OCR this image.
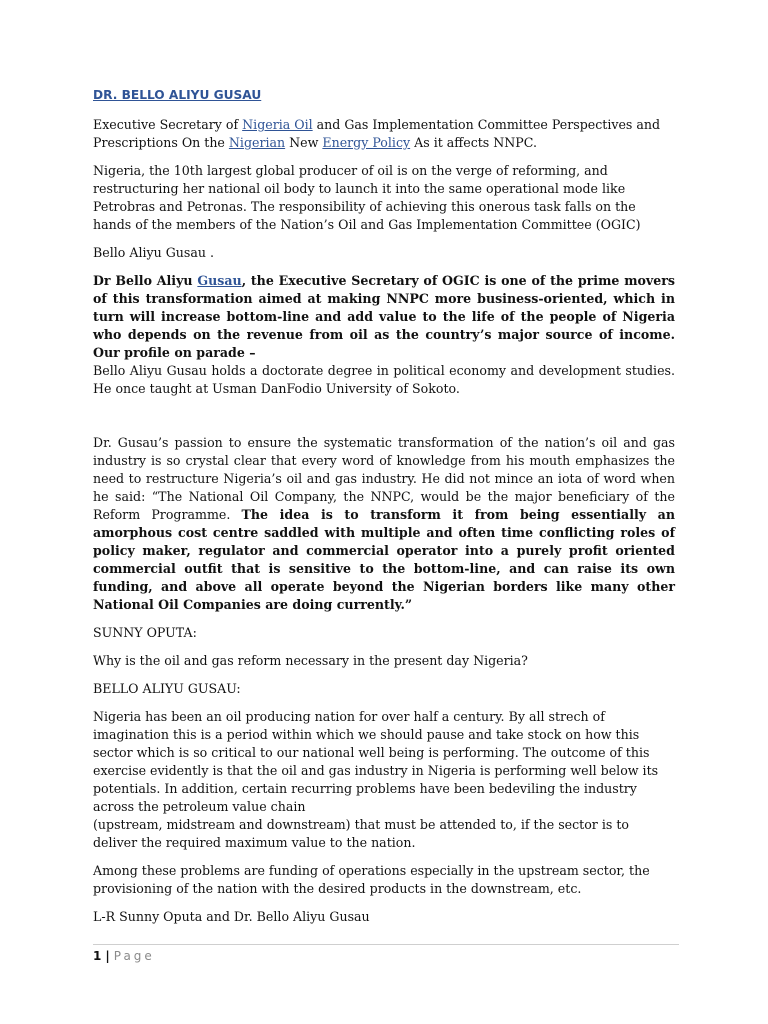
DR. BELLO ALIYU GUSAU

Executive Secretary of Nigeria Oil and Gas Implementation Committee Perspectives and Prescriptions On the Nigerian New Energy Policy As it affects NNPC.

Nigeria, the 10th largest global producer of oil is on the verge of reforming, and restructuring her national oil body to launch it into the same operational mode like Petrobras and Petronas. The responsibility of achieving this onerous task falls on the hands of the members of the Nation’s Oil and Gas Implementation Committee (OGIC)

Bello Aliyu Gusau .

Dr Bello Aliyu Gusau, the Executive Secretary of OGIC is one of the prime movers of this transformation aimed at making NNPC more business-oriented, which in turn will increase bottom-line and add value to the life of the people of Nigeria who depends on the revenue from oil as the country’s major source of income. Our profile on parade –
Bello Aliyu Gusau holds a doctorate degree in political economy and development studies. He once taught at Usman DanFodio University of Sokoto.

Dr. Gusau’s passion to ensure the systematic transformation of the nation’s oil and gas industry is so crystal clear that every word of knowledge from his mouth emphasizes the need to restructure Nigeria’s oil and gas industry. He did not mince an iota of word when he said: “The National Oil Company, the NNPC, would be the major beneficiary of the Reform Programme. The idea is to transform it from being essentially an amorphous cost centre saddled with multiple and often time conflicting roles of policy maker, regulator and commercial operator into a purely profit oriented commercial outfit that is sensitive to the bottom-line, and can raise its own funding, and above all operate beyond the Nigerian borders like many other National Oil Companies are doing currently.”

SUNNY OPUTA:

Why is the oil and gas reform necessary in the present day Nigeria?

BELLO ALIYU GUSAU:

Nigeria has been an oil producing nation for over half a century. By all strech of imagination this is a period within which we should pause and take stock on how this sector which is so critical to our national well being is performing. The outcome of this exercise evidently is that the oil and gas industry in Nigeria is performing well below its potentials. In addition, certain recurring problems have been bedeviling the industry across the petroleum value chain
(upstream, midstream and downstream) that must be attended to, if the sector is to deliver the required maximum value to the nation.

Among these problems are funding of operations especially in the upstream sector, the provisioning of the nation with the desired products in the downstream, etc.

L-R Sunny Oputa and Dr. Bello Aliyu Gusau

1 | Page
